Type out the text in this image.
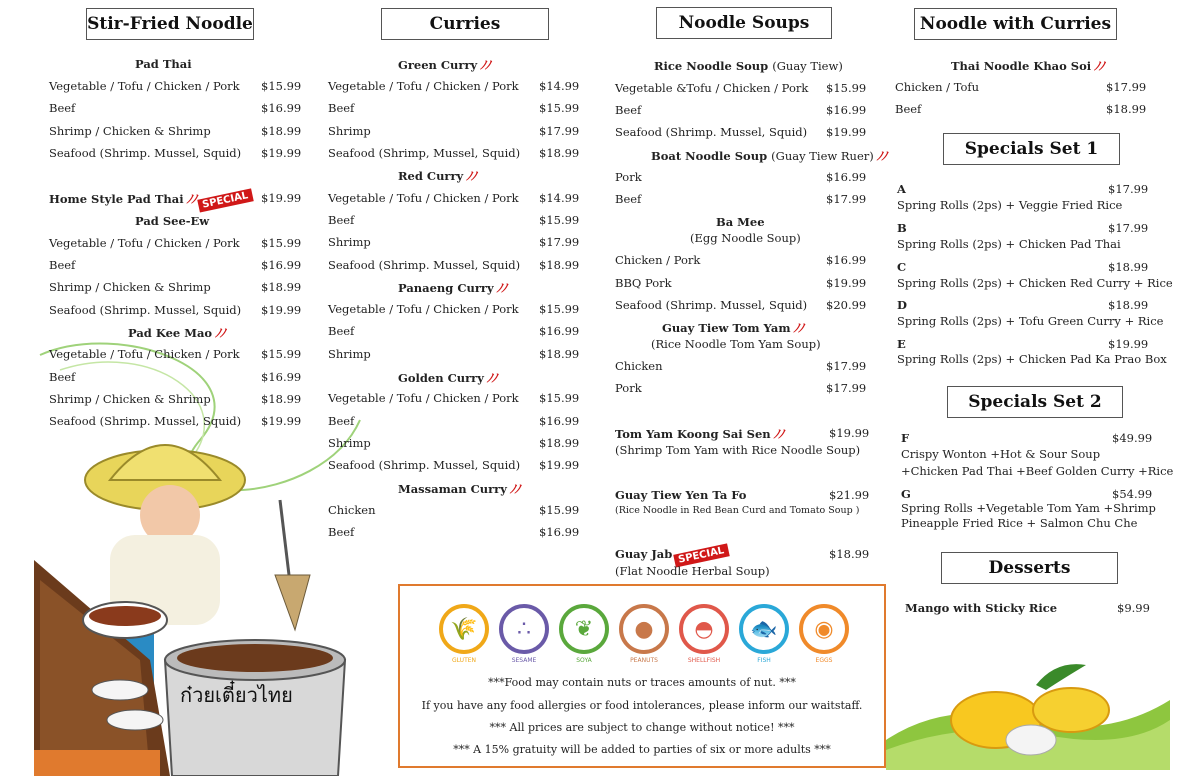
ก๋วยเตี๋ยวไทย
Stir-Fried Noodle
Pad Thai
Vegetable / Tofu / Chicken / Pork $15.99
Beef	$16.99
Shrimp / Chicken & Shrimp	$18.99
Seafood (Shrimp. Mussel, Squid) $19.99
Home Style Pad Thai ﾉﾉ SPECIAL $19.99
Pad See-Ew
Vegetable / Tofu / Chicken / Pork $15.99
Beef	$16.99
Shrimp / Chicken & Shrimp	$18.99
Seafood (Shrimp. Mussel, Squid) $19.99
Pad Kee Mao ﾉﾉ
Vegetable / Tofu / Chicken / Pork $15.99
Beef	$16.99
Shrimp / Chicken & Shrimp	$18.99
Seafood (Shrimp. Mussel, Squid) $19.99
Curries
Green Curry ﾉﾉ
Vegetable / Tofu / Chicken / Pork $14.99
Beef	$15.99
Shrimp	$17.99
Seafood (Shrimp, Mussel, Squid) $18.99
Red Curry ﾉﾉ
Vegetable / Tofu / Chicken / Pork $14.99
Beef	$15.99
Shrimp	$17.99
Seafood (Shrimp. Mussel, Squid) $18.99
Panaeng Curry ﾉﾉ
Vegetable / Tofu / Chicken / Pork $15.99
Beef	$16.99
Shrimp	$18.99
Golden Curry ﾉﾉ
Vegetable / Tofu / Chicken / Pork $15.99
Beef	$16.99
Shrimp	$18.99
Seafood (Shrimp. Mussel, Squid) $19.99
Massaman Curry ﾉﾉ
Chicken	$15.99
Beef	$16.99
Noodle Soups
Rice Noodle Soup (Guay Tiew)
Vegetable &Tofu / Chicken / Pork $15.99
Beef	$16.99
Seafood (Shrimp. Mussel, Squid) $19.99
Boat Noodle Soup (Guay Tiew Ruer) ﾉﾉ
Pork	$16.99
Beef	$17.99
Ba Mee
(Egg Noodle Soup)
Chicken / Pork	$16.99
BBQ Pork	$19.99
Seafood (Shrimp. Mussel, Squid) $20.99
Guay Tiew Tom Yam ﾉﾉ
(Rice Noodle Tom Yam Soup)
Chicken	$17.99
Pork	$17.99
Tom Yam Koong Sai Sen ﾉﾉ	$19.99
(Shrimp Tom Yam with Rice Noodle Soup)
Guay Tiew Yen Ta Fo	$21.99
(Rice Noodle in Red Bean Curd and Tomato Soup )
Guay Jab SPECIAL	$18.99
(Flat Noodle Herbal Soup)
Noodle with Curries
Thai Noodle Khao Soi ﾉﾉ
Chicken / Tofu	$17.99
Beef	$18.99
Specials Set 1
A	$17.99
Spring Rolls (2ps) + Veggie Fried Rice
B	$17.99
Spring Rolls (2ps) + Chicken Pad Thai
C	$18.99
Spring Rolls (2ps) + Chicken Red Curry + Rice
D	$18.99
Spring Rolls (2ps) + Tofu Green Curry + Rice
E	$19.99
Spring Rolls (2ps) + Chicken Pad Ka Prao Box
Specials Set 2
F	$49.99
Crispy Wonton +Hot & Sour Soup
+Chicken Pad Thai +Beef Golden Curry +Rice
G	$54.99
Spring Rolls +Vegetable Tom Yam +Shrimp
Pineapple Fried Rice + Salmon Chu Che
Desserts
Mango with Sticky Rice	$9.99
🌾
GLUTEN
∴
SESAME
❦
SOYA
●
PEANUTS
◓
SHELLFISH
🐟
FISH
◉
EGGS
***Food may contain nuts or traces amounts of nut. ***
If you have any food allergies or food intolerances, please inform our waitstaff.
*** All prices are subject to change without notice! ***
*** A 15% gratuity will be added to parties of six or more adults ***
